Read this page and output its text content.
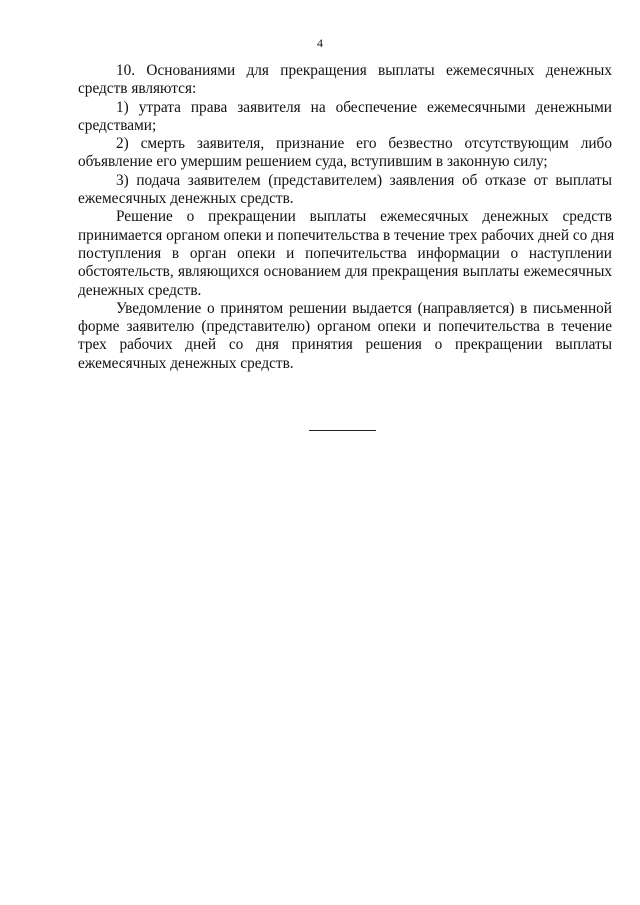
4
10. Основаниями для прекращения выплаты ежемесячных денежных
средств являются:
1) утрата права заявителя на обеспечение ежемесячными денежными
средствами;
2) смерть заявителя, признание его безвестно отсутствующим либо
объявление его умершим решением суда, вступившим в законную силу;
3) подача заявителем (представителем) заявления об отказе от выплаты
ежемесячных денежных средств.
Решение о прекращении выплаты ежемесячных денежных средств
принимается органом опеки и попечительства в течение трех рабочих дней со дня
поступления в орган опеки и попечительства информации о наступлении
обстоятельств, являющихся основанием для прекращения выплаты ежемесячных
денежных средств.
Уведомление о принятом решении выдается (направляется) в письменной
форме заявителю (представителю) органом опеки и попечительства в течение
трех рабочих дней со дня принятия решения о прекращении выплаты
ежемесячных денежных средств.
